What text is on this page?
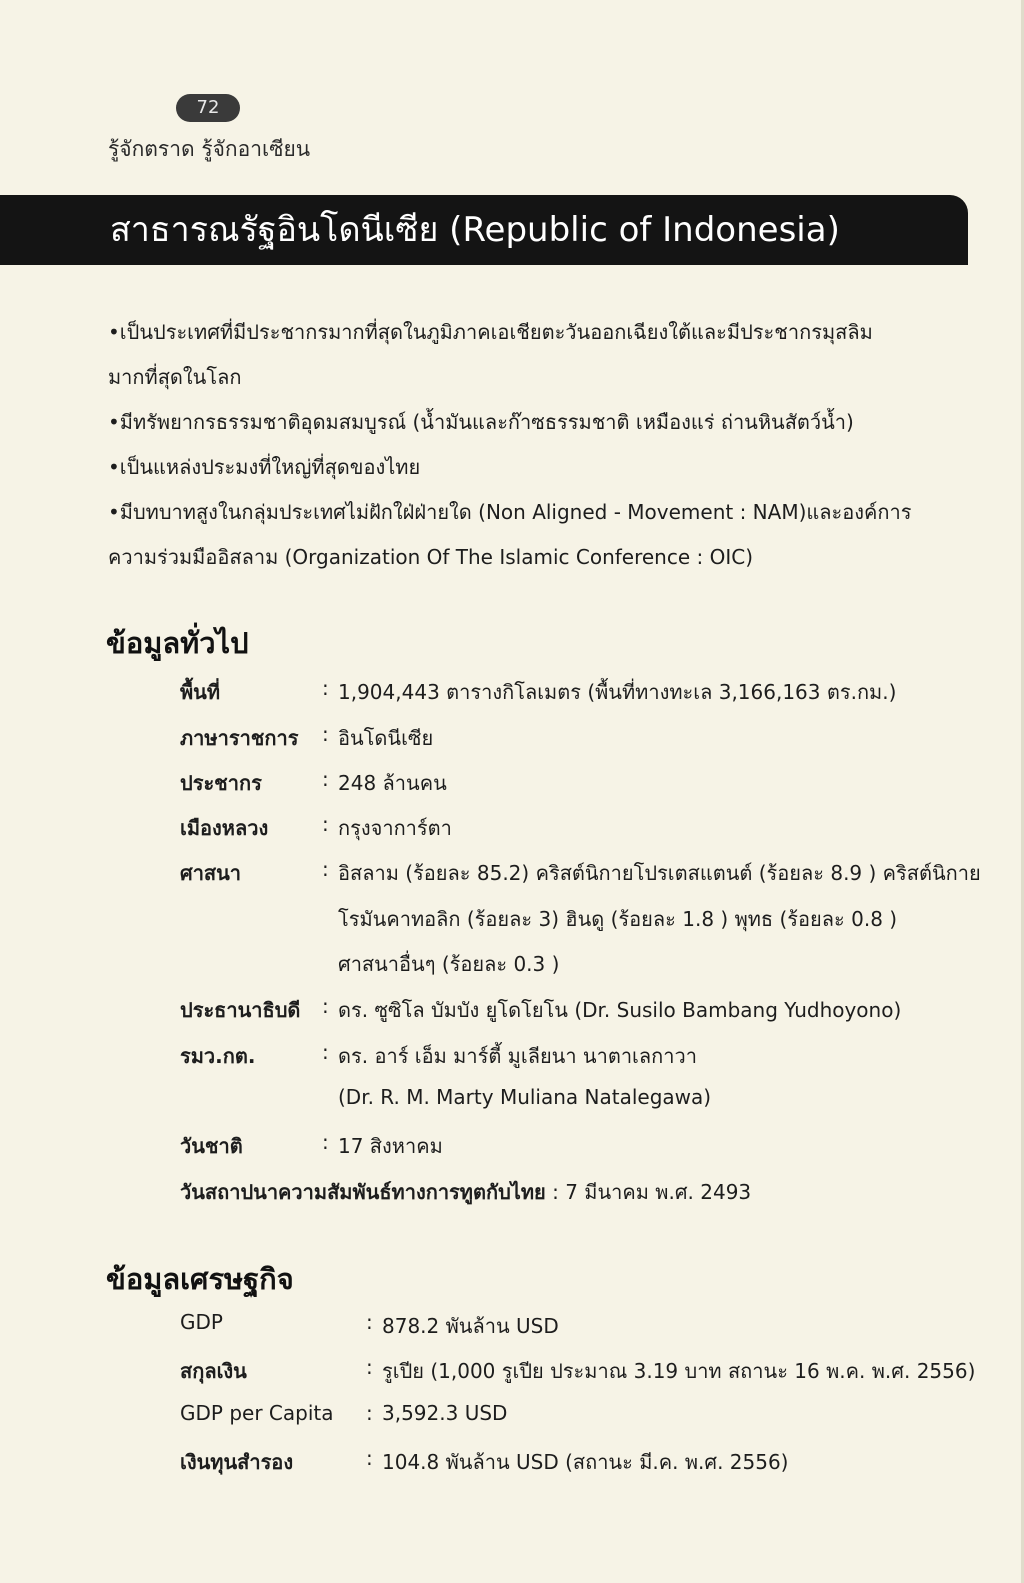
72
รู้จักตราด รู้จักอาเซียน
สาธารณรัฐอินโดนีเซีย (Republic of Indonesia)
•เป็นประเทศที่มีประชากรมากที่สุดในภูมิภาคเอเชียตะวันออกเฉียงใต้และมีประชากรมุสลิม
มากที่สุดในโลก
•มีทรัพยากรธรรมชาติอุดมสมบูรณ์ (น้ำมันและก๊าซธรรมชาติ เหมืองแร่ ถ่านหินสัตว์น้ำ)
•เป็นแหล่งประมงที่ใหญ่ที่สุดของไทย
•มีบทบาทสูงในกลุ่มประเทศไม่ฝักใฝ่ฝ่ายใด (Non Aligned - Movement : NAM)และองค์การ
ความร่วมมืออิสลาม (Organization Of The Islamic Conference : OIC)
ข้อมูลทั่วไป
พื้นที่	: 1,904,443 ตารางกิโลเมตร (พื้นที่ทางทะเล 3,166,163 ตร.กม.)
ภาษาราชการ : อินโดนีเซีย
ประชากร	: 248 ล้านคน
เมืองหลวง	: กรุงจาการ์ตา
ศาสนา	: อิสลาม (ร้อยละ 85.2) คริสต์นิกายโปรเตสแตนต์ (ร้อยละ 8.9 ) คริสต์นิกาย
โรมันคาทอลิก (ร้อยละ 3) ฮินดู (ร้อยละ 1.8 ) พุทธ (ร้อยละ 0.8 )
ศาสนาอื่นๆ (ร้อยละ 0.3 )
ประธานาธิบดี : ดร. ซูซิโล บัมบัง ยูโดโยโน (Dr. Susilo Bambang Yudhoyono)
รมว.กต.	: ดร. อาร์ เอ็ม มาร์ตี้ มูเลียนา นาตาเลกาวา
(Dr. R. M. Marty Muliana Natalegawa)
วันชาติ	: 17 สิงหาคม
วันสถาปนาความสัมพันธ์ทางการทูตกับไทย : 7 มีนาคม พ.ศ. 2493
ข้อมูลเศรษฐกิจ
GDP	: 878.2 พันล้าน USD
สกุลเงิน	: รูเปีย (1,000 รูเปีย ประมาณ 3.19 บาท สถานะ 16 พ.ค. พ.ศ. 2556)
GDP per Capita : 3,592.3 USD
เงินทุนสำรอง	: 104.8 พันล้าน USD (สถานะ มี.ค. พ.ศ. 2556)
